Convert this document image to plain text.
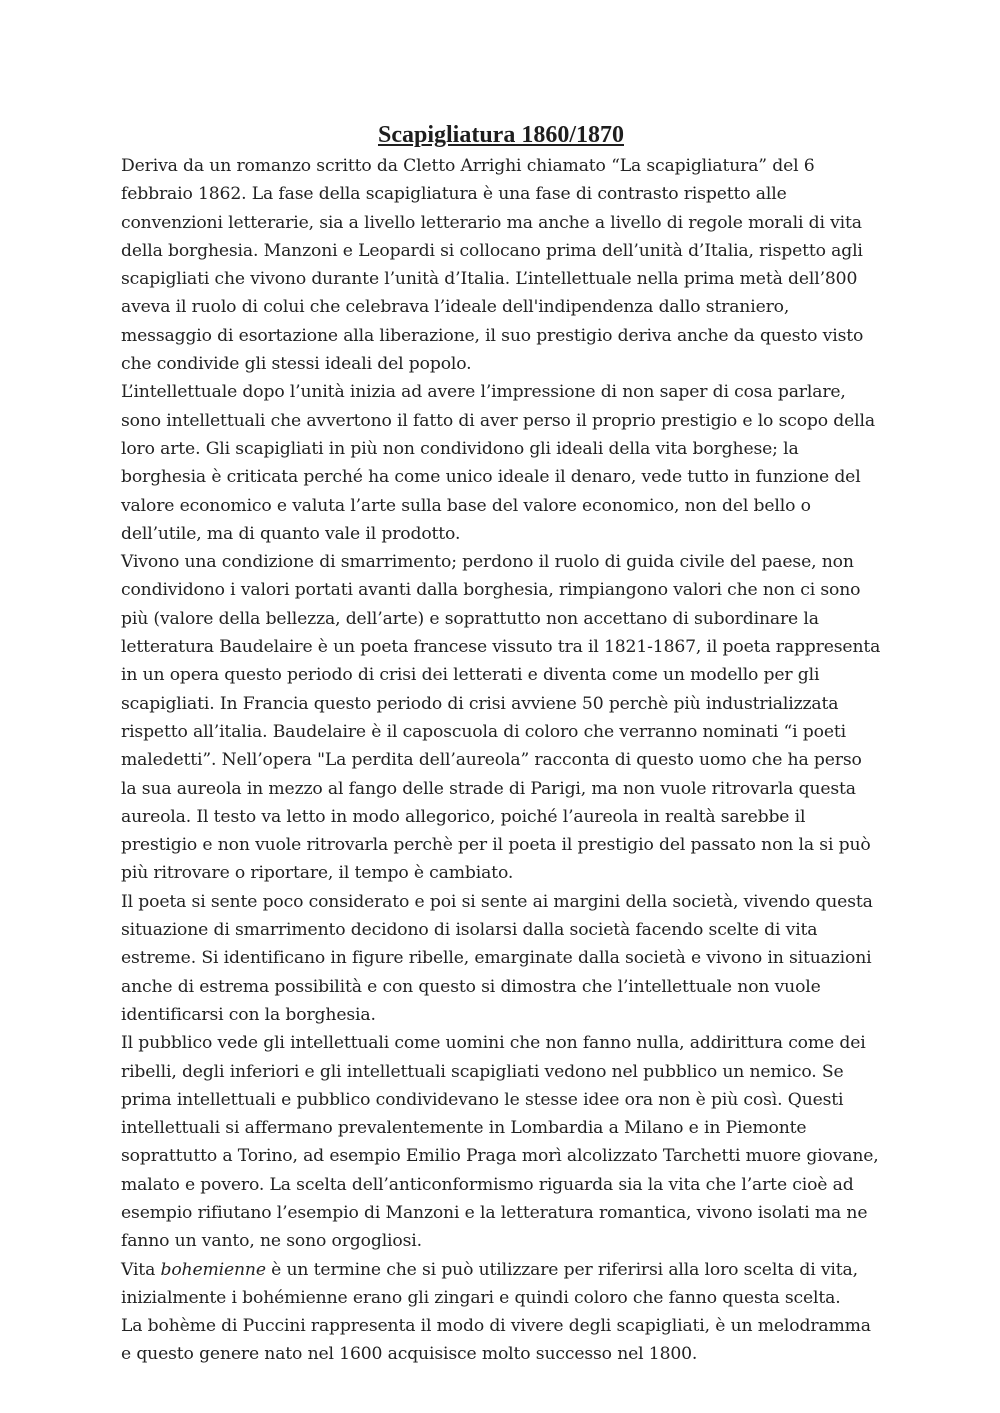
Scapigliatura 1860/1870

Deriva da un romanzo scritto da Cletto Arrighi chiamato “La scapigliatura” del 6 febbraio 1862. La fase della scapigliatura è una fase di contrasto rispetto alle convenzioni letterarie, sia a livello letterario ma anche a livello di regole morali di vita della borghesia. Manzoni e Leopardi si collocano prima dell’unità d’Italia, rispetto agli scapigliati che vivono durante l’unità d’Italia. L’intellettuale nella prima metà dell’800 aveva il ruolo di colui che celebrava l’ideale dell'indipendenza dallo straniero, messaggio di esortazione alla liberazione, il suo prestigio deriva anche da questo visto che condivide gli stessi ideali del popolo.

L’intellettuale dopo l’unità inizia ad avere l’impressione di non saper di cosa parlare, sono intellettuali che avvertono il fatto di aver perso il proprio prestigio e lo scopo della loro arte. Gli scapigliati in più non condividono gli ideali della vita borghese; la borghesia è criticata perché ha come unico ideale il denaro, vede tutto in funzione del valore economico e valuta l’arte sulla base del valore economico, non del bello o dell’utile, ma di quanto vale il prodotto.

Vivono una condizione di smarrimento; perdono il ruolo di guida civile del paese, non condividono i valori portati avanti dalla borghesia, rimpiangono valori che non ci sono più (valore della bellezza, dell’arte) e soprattutto non accettano di subordinare la letteratura Baudelaire è un poeta francese vissuto tra il 1821-1867, il poeta rappresenta in un opera questo periodo di crisi dei letterati e diventa come un modello per gli scapigliati. In Francia questo periodo di crisi avviene 50 perchè più industrializzata rispetto all’italia. Baudelaire è il caposcuola di coloro che verranno nominati “i poeti maledetti”. Nell’opera "La perdita dell’aureola” racconta di questo uomo che ha perso la sua aureola in mezzo al fango delle strade di Parigi, ma non vuole ritrovarla questa aureola. Il testo va letto in modo allegorico, poiché l’aureola in realtà sarebbe il prestigio e non vuole ritrovarla perchè per il poeta il prestigio del passato non la si può più ritrovare o riportare, il tempo è cambiato.

Il poeta si sente poco considerato e poi si sente ai margini della società, vivendo questa situazione di smarrimento decidono di isolarsi dalla società facendo scelte di vita estreme. Si identificano in figure ribelle, emarginate dalla società e vivono in situazioni anche di estrema possibilità e con questo si dimostra che l’intellettuale non vuole identificarsi con la borghesia.

Il pubblico vede gli intellettuali come uomini che non fanno nulla, addirittura come dei ribelli, degli inferiori e gli intellettuali scapigliati vedono nel pubblico un nemico. Se prima intellettuali e pubblico condividevano le stesse idee ora non è più così. Questi intellettuali si affermano prevalentemente in Lombardia a Milano e in Piemonte soprattutto a Torino, ad esempio Emilio Praga morì alcolizzato Tarchetti muore giovane, malato e povero. La scelta dell’anticonformismo riguarda sia la vita che l’arte cioè ad esempio rifiutano l’esempio di Manzoni e la letteratura romantica, vivono isolati ma ne fanno un vanto, ne sono orgogliosi.

Vita bohemienne è un termine che si può utilizzare per riferirsi alla loro scelta di vita, inizialmente i bohémienne erano gli zingari e quindi coloro che fanno questa scelta.

La bohème di Puccini rappresenta il modo di vivere degli scapigliati, è un melodramma e questo genere nato nel 1600 acquisisce molto successo nel 1800.
